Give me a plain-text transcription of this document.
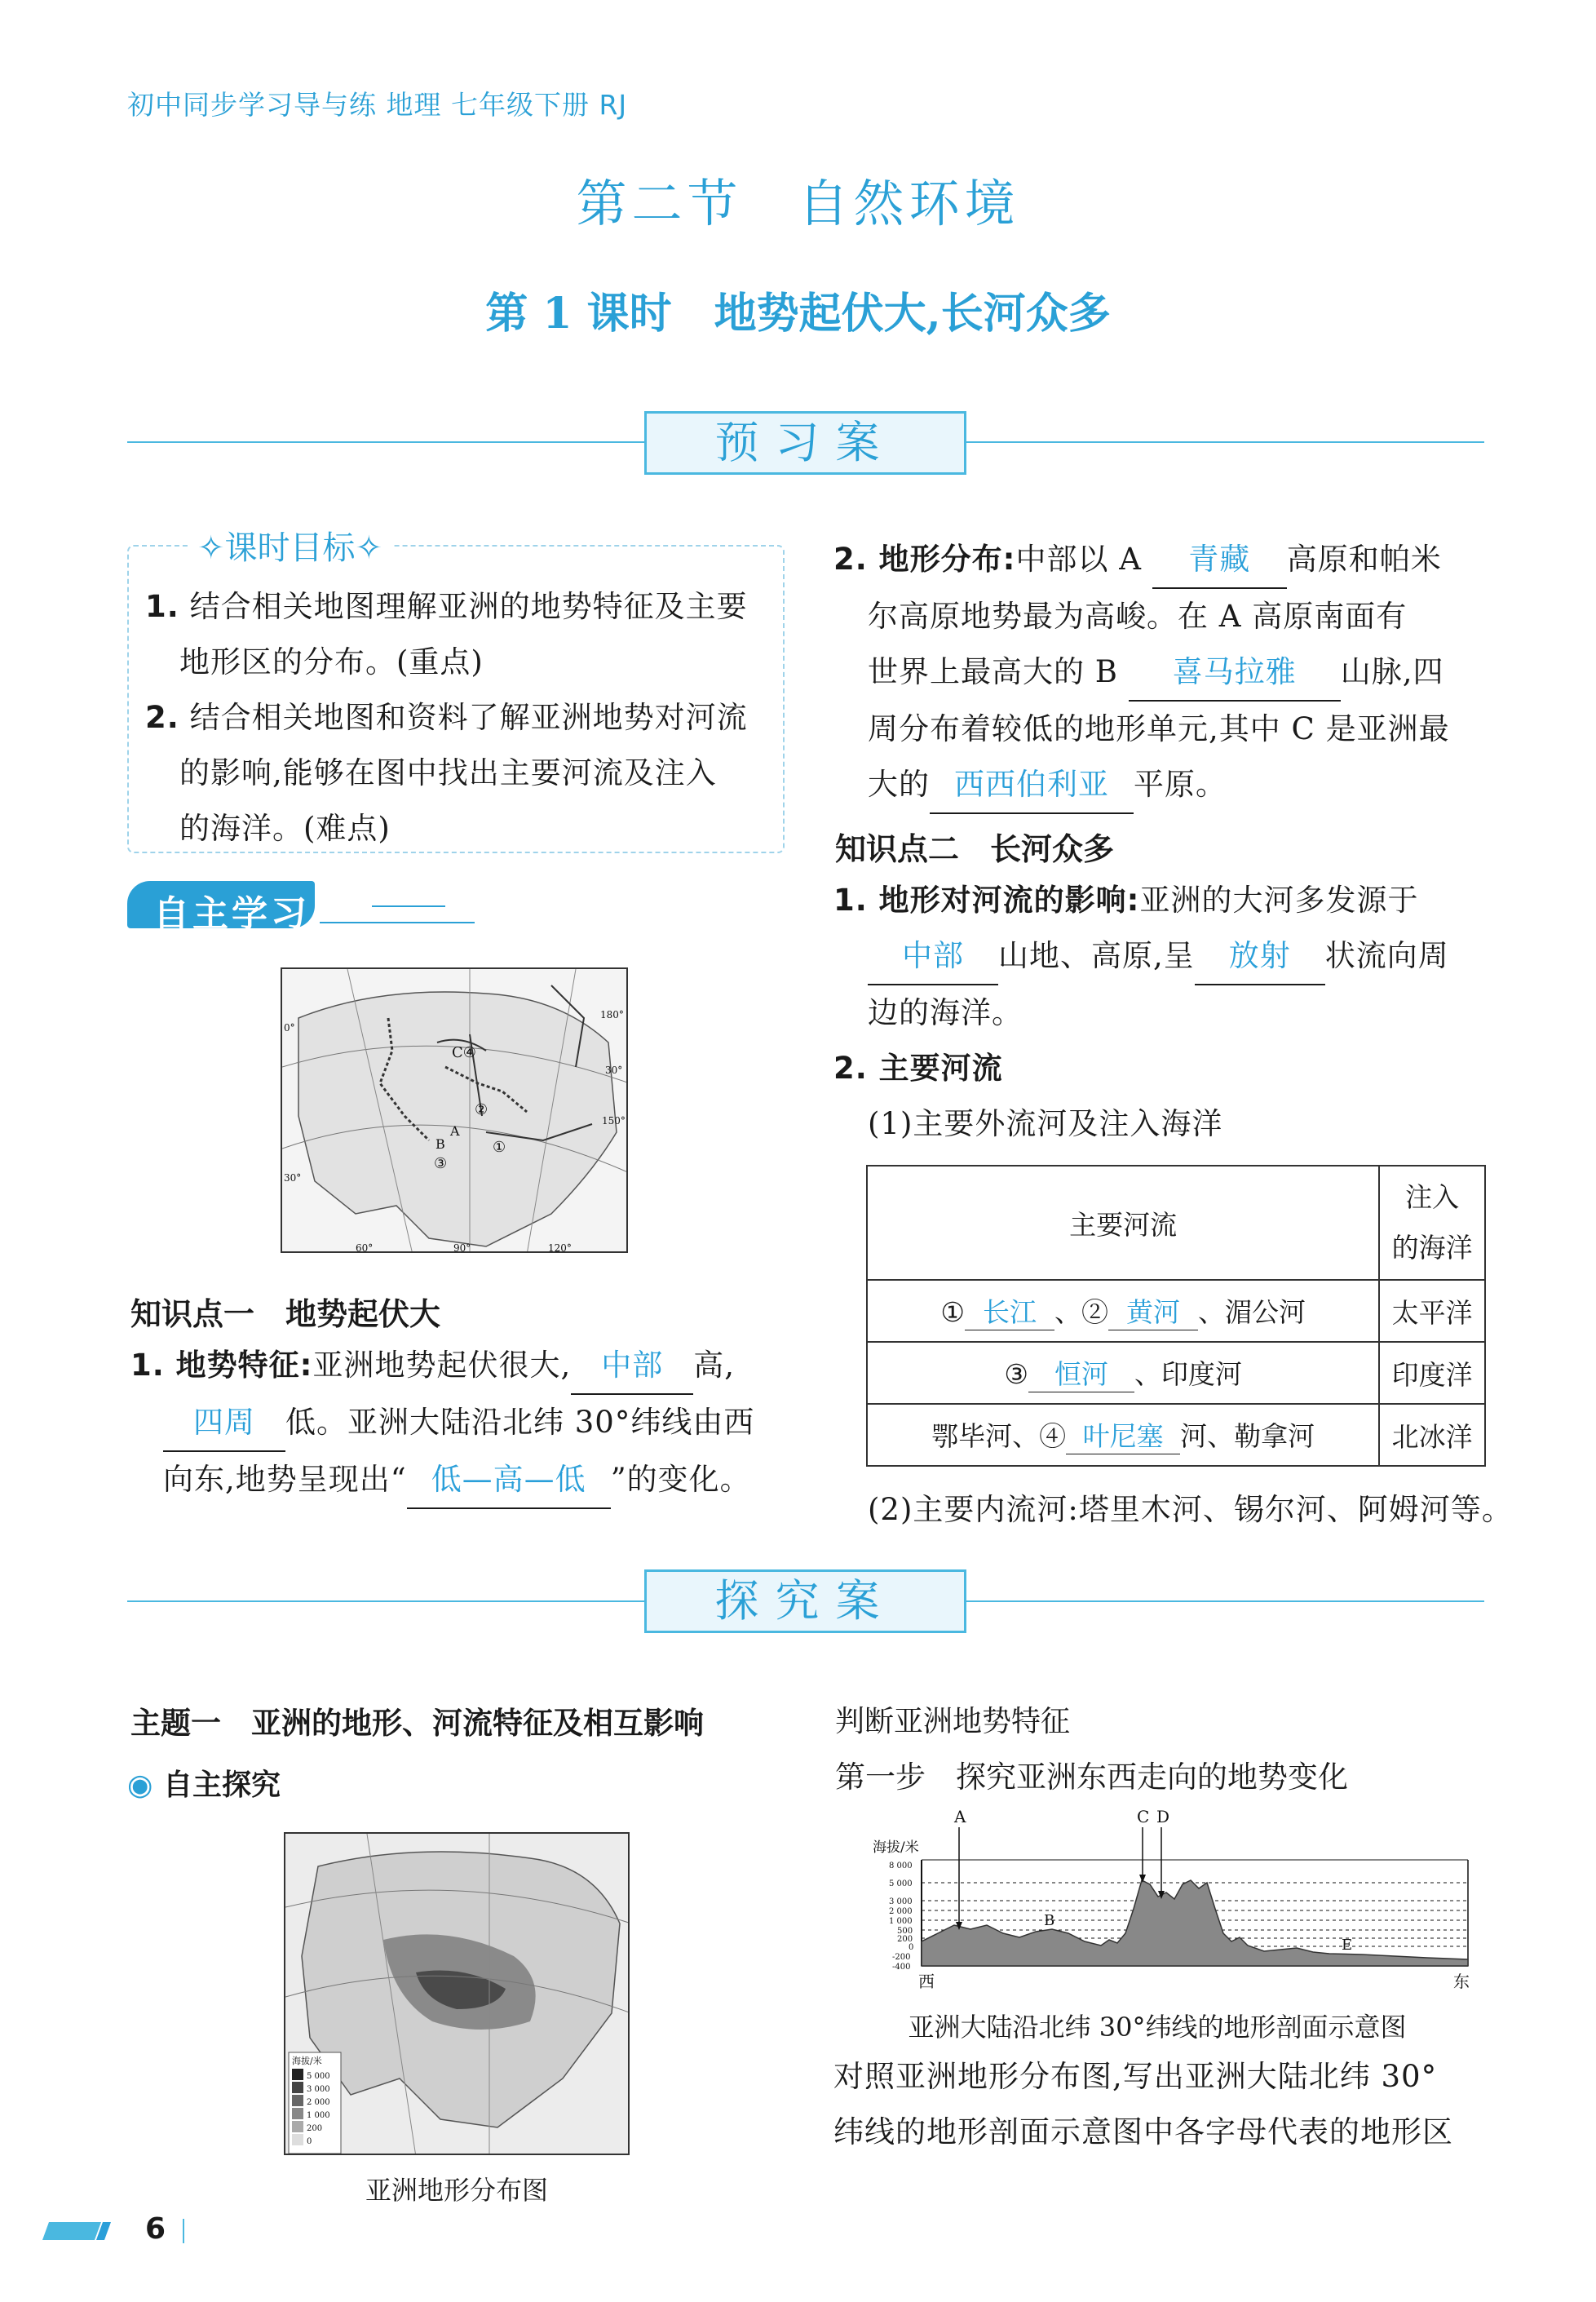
初中同步学习导与练 地理 七年级下册 RJ
第二节　自然环境
第 1 课时　地势起伏大,长河众多
预习案
✧课时目标✧
1. 结合相关地图理解亚洲的地势特征及主要
地形区的分布。(重点)
2. 结合相关地图和资料了解亚洲地势对河流
的影响,能够在图中找出主要河流及注入
的海洋。(难点)
自主学习
C④
②
A
B
③
①
0°
180°
30°
150°
30°
60°	90°	120°
知识点一　地势起伏大
1. 地势特征:亚洲地势起伏很大, 中部 高,
四周 低。亚洲大陆沿北纬 30°纬线由西
向东,地势呈现出“ 低—高—低 ”的变化。
2. 地形分布:中部以 A 青藏 高原和帕米
尔高原地势最为高峻。在 A 高原南面有
世界上最高大的 B 喜马拉雅 山脉,四
周分布着较低的地形单元,其中 C 是亚洲最
大的 西西伯利亚 平原。
知识点二　长河众多
1. 地形对河流的影响:亚洲的大河多发源于
中部 山地、高原,呈 放射 状流向周
边的海洋。
2. 主要河流
(1)主要外流河及注入海洋
主要河流	注入
的海洋

① 长江 、② 黄河 、湄公河	太平洋
③ 恒河 、印度河	印度洋
鄂毕河、④ 叶尼塞 河、勒拿河	北冰洋
(2)主要内流河:塔里木河、锡尔河、阿姆河等。
探究案
主题一　亚洲的地形、河流特征及相互影响
◉ 自主探究
海拔/米
5 000
3 000
2 000
1 000
200
0
亚洲地形分布图
判断亚洲地势特征
第一步　探究亚洲东西走向的地势变化
海拔/米
8 000
5 000
3 000
2 000
1 000
500
200
0
-200
-400
A
B
C D
E
西	东
亚洲大陆沿北纬 30°纬线的地形剖面示意图
对照亚洲地形分布图,写出亚洲大陆北纬 30°
纬线的地形剖面示意图中各字母代表的地形区
6
